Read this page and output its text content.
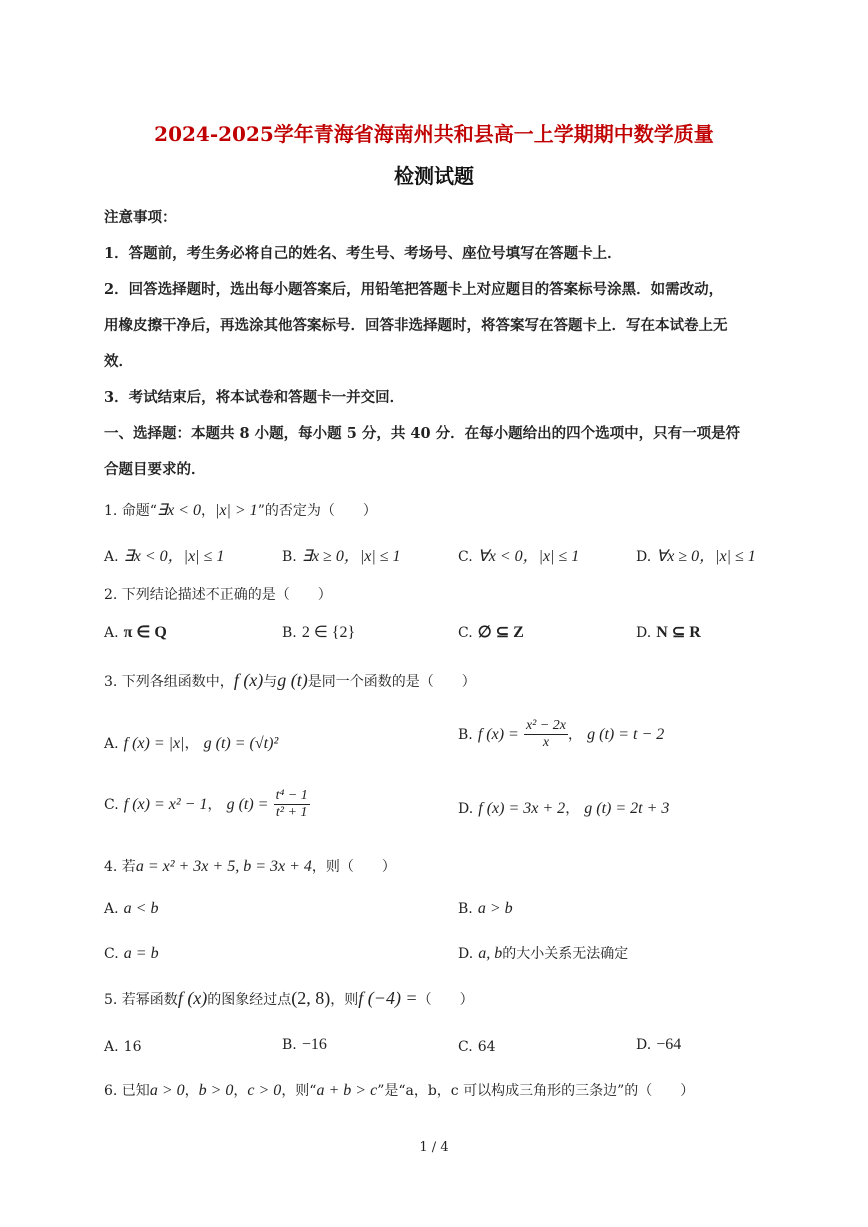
2024-2025学年青海省海南州共和县高一上学期期中数学质量
检测试题
注意事项：
1．答题前，考生务必将自己的姓名、考生号、考场号、座位号填写在答题卡上．
2．回答选择题时，选出每小题答案后，用铅笔把答题卡上对应题目的答案标号涂黑．如需改动，
用橡皮擦干净后，再选涂其他答案标号．回答非选择题时，将答案写在答题卡上．写在本试卷上无
效．
3．考试结束后，将本试卷和答题卡一并交回．
一、选择题：本题共 8 小题，每小题 5 分，共 40 分．在每小题给出的四个选项中，只有一项是符
合题目要求的．
1. 命题“∃x < 0，|x| > 1”的否定为（　　）
A. ∃x < 0，|x| ≤ 1	B. ∃x ≥ 0，|x| ≤ 1	C. ∀x < 0，|x| ≤ 1	D. ∀x ≥ 0，|x| ≤ 1
2. 下列结论描述不正确的是（　　）
A. π ∈ Q	B. 2 ∈ {2}	C. ∅ ⊆ Z	D. N ⊆ R
3. 下列各组函数中，f (x)与g (t)是同一个函数的是（　　）
A. f (x) = |x|， g (t) = (√t)²	B. f $(x) = \frac{\text{x² − 2x}}{x}$ ， g (t) = t − 2
C. f (x) = x² − 1， g $(t) = \frac{\text{t⁴ − 1}}{\text{t² + 1}}$	D. f (x) = 3x + 2， g (t) = 2t + 3
4. 若a = x² + 3x + 5, b = 3x + 4，则（　　）
A. a < b	B. a > b
C. a = b	D. a, b的大小关系无法确定
5. 若幂函数f (x)的图象经过点(2, 8)，则f (−4) =（　　）
A. 16	B. −16	C. 64	D. −64
6. 已知a > 0，b > 0，c > 0，则“a + b > c”是“a，b，c 可以构成三角形的三条边”的（　　）
1 / 4
